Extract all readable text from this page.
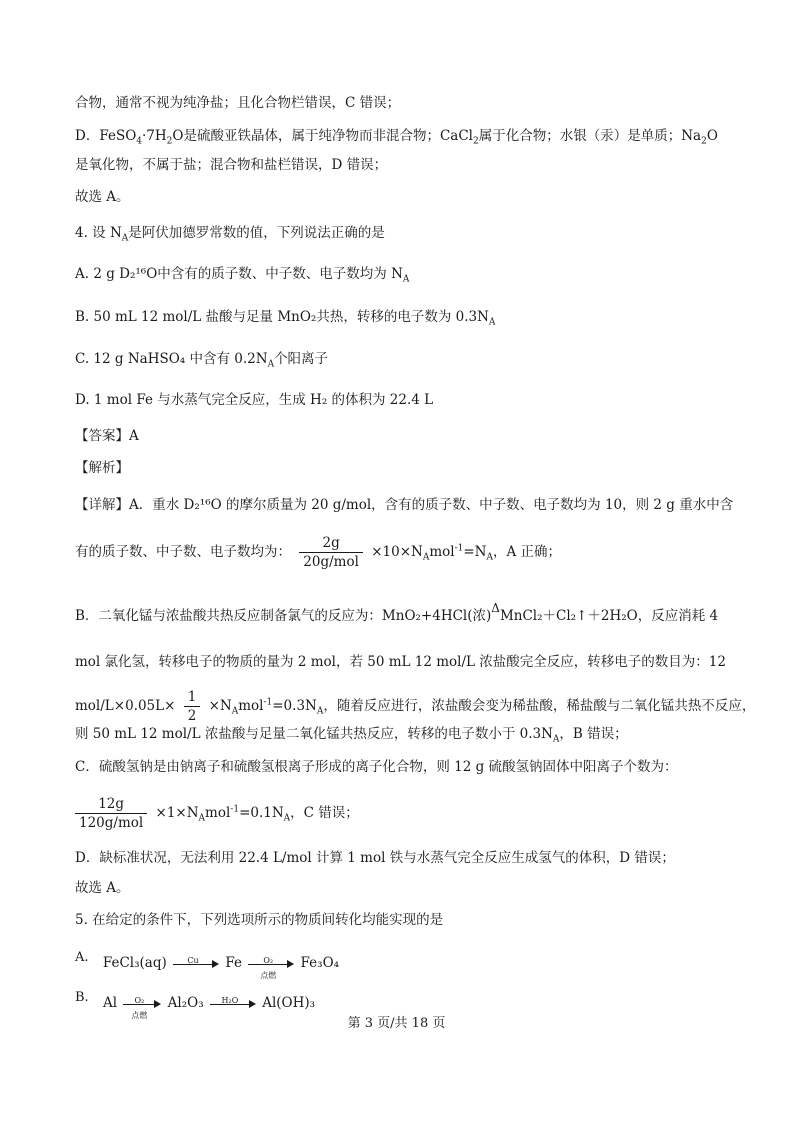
合物，通常不视为纯净盐；且化合物栏错误，C 错误；
D．$FeSO_4\cdot 7H_2O$是硫酸亚铁晶体，属于纯净物而非混合物；CaCl$_2$属于化合物；水银（汞）是单质；$Na_2O$
是氧化物，不属于盐；混合物和盐栏错误，D 错误；
故选 A。
4. 设 $N_A$是阿伏加德罗常数的值，下列说法正确的是
A. 2 g D₂¹⁶O中含有的质子数、中子数、电子数均为 $N_A$
B. 50 mL 12 mol/L 盐酸与足量 MnO₂共热，转移的电子数为 $0.3N_A$
C. 12 g NaHSO₄ 中含有 $0.2N_A$个阳离子
D. 1 mol Fe 与水蒸气完全反应，生成 H₂ 的体积为 22.4 L
【答案】A
【解析】
【详解】A．重水 D₂¹⁶O 的摩尔质量为 20 g/mol，含有的质子数、中子数、电子数均为 10，则 2 g 重水中含
有的质子数、中子数、电子数均为： $\frac{2g}{\text{20g/mol}} \times 10\times N_Amol^{-1}=N_A$，A 正确；
B．二氧化锰与浓盐酸共热反应制备氯气的反应为：MnO₂+4HCl(浓)ΔMnCl₂＋Cl₂↑＋2H₂O，反应消耗 4
mol 氯化氢，转移电子的物质的量为 2 mol，若 50 mL 12 mol/L 浓盐酸完全反应，转移电子的数目为：12
$mol/L\times 0.05L\times \frac{1}{2} \times N_Amol^{-1}=0.3N_A$，随着反应进行，浓盐酸会变为稀盐酸，稀盐酸与二氧化锰共热不反应，
则 50 mL 12 mol/L 浓盐酸与足量二氧化锰共热反应，转移的电子数小于 $0.3N_A$，B 错误；
C．硫酸氢钠是由钠离子和硫酸氢根离子形成的离子化合物，则 12 g 硫酸氢钠固体中阳离子个数为：
$\frac{12g}{\text{120g/mol}} \times 1\times N_Amol^{-1}=0.1N_A$，C 错误；
D．缺标准状况，无法利用 22.4 L/mol 计算 1 mol 铁与水蒸气完全反应生成氢气的体积，D 错误；
故选 A。
5. 在给定的条件下，下列选项所示的物质间转化均能实现的是
A. FeCl₃(aq)	Cu	Fe	O₂
点燃
Fe₃O₄
B. Al	O₂
点燃
Al₂O₃	H₂O	Al(OH)₃
第 3 页/共 18 页
